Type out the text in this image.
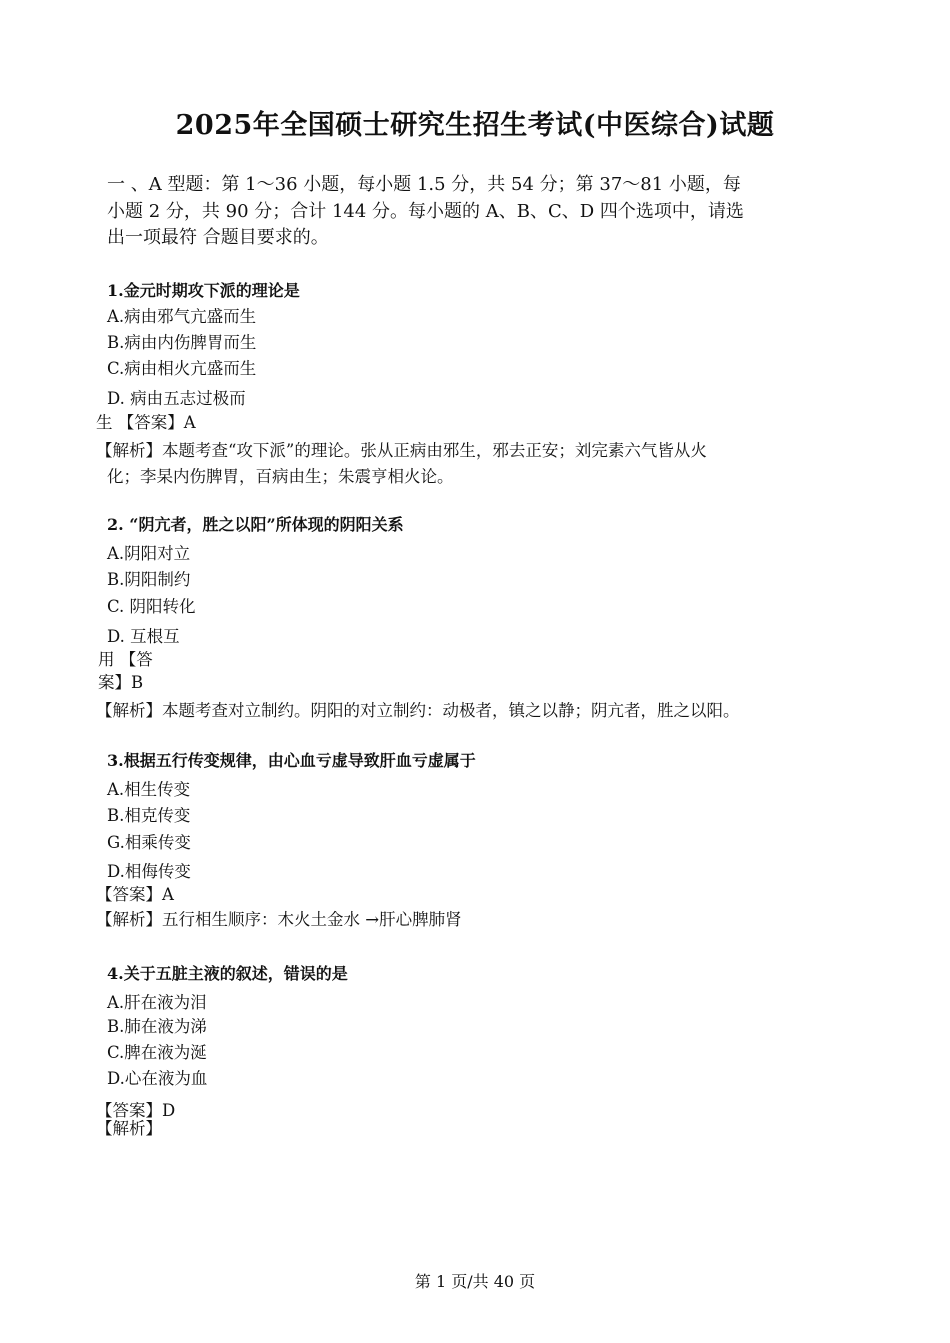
2025年全国硕士研究生招生考试(中医综合)试题
一 、A 型题：第 1～36 小题，每小题 1.5 分，共 54 分；第 37～81 小题，每
小题 2 分，共 90 分；合计 144 分。每小题的 A、B、C、D 四个选项中，请选
出一项最符 合题目要求的。
1.金元时期攻下派的理论是
A.病由邪气亢盛而生
B.病由内伤脾胃而生
C.病由相火亢盛而生
D. 病由五志过极而
生 【答案】A
【解析】本题考查“攻下派”的理论。张从正病由邪生，邪去正安；刘完素六气皆从火
化；李杲内伤脾胃，百病由生；朱震亨相火论。
2. “阴亢者，胜之以阳”所体现的阴阳关系
A.阴阳对立
B.阴阳制约
C. 阴阳转化
D. 互根互
用 【答
案】B
【解析】本题考查对立制约。阴阳的对立制约：动极者，镇之以静；阴亢者，胜之以阳。
3.根据五行传变规律，由心血亏虚导致肝血亏虚属于
A.相生传变
B.相克传变
G.相乘传变
D.相侮传变
【答案】A
【解析】五行相生顺序：木火土金水 →肝心脾肺肾
4.关于五脏主液的叙述，错误的是
A.肝在液为泪
B.肺在液为涕
C.脾在液为涎
D.心在液为血
【答案】D
【解析】
第 1 页/共 40 页
